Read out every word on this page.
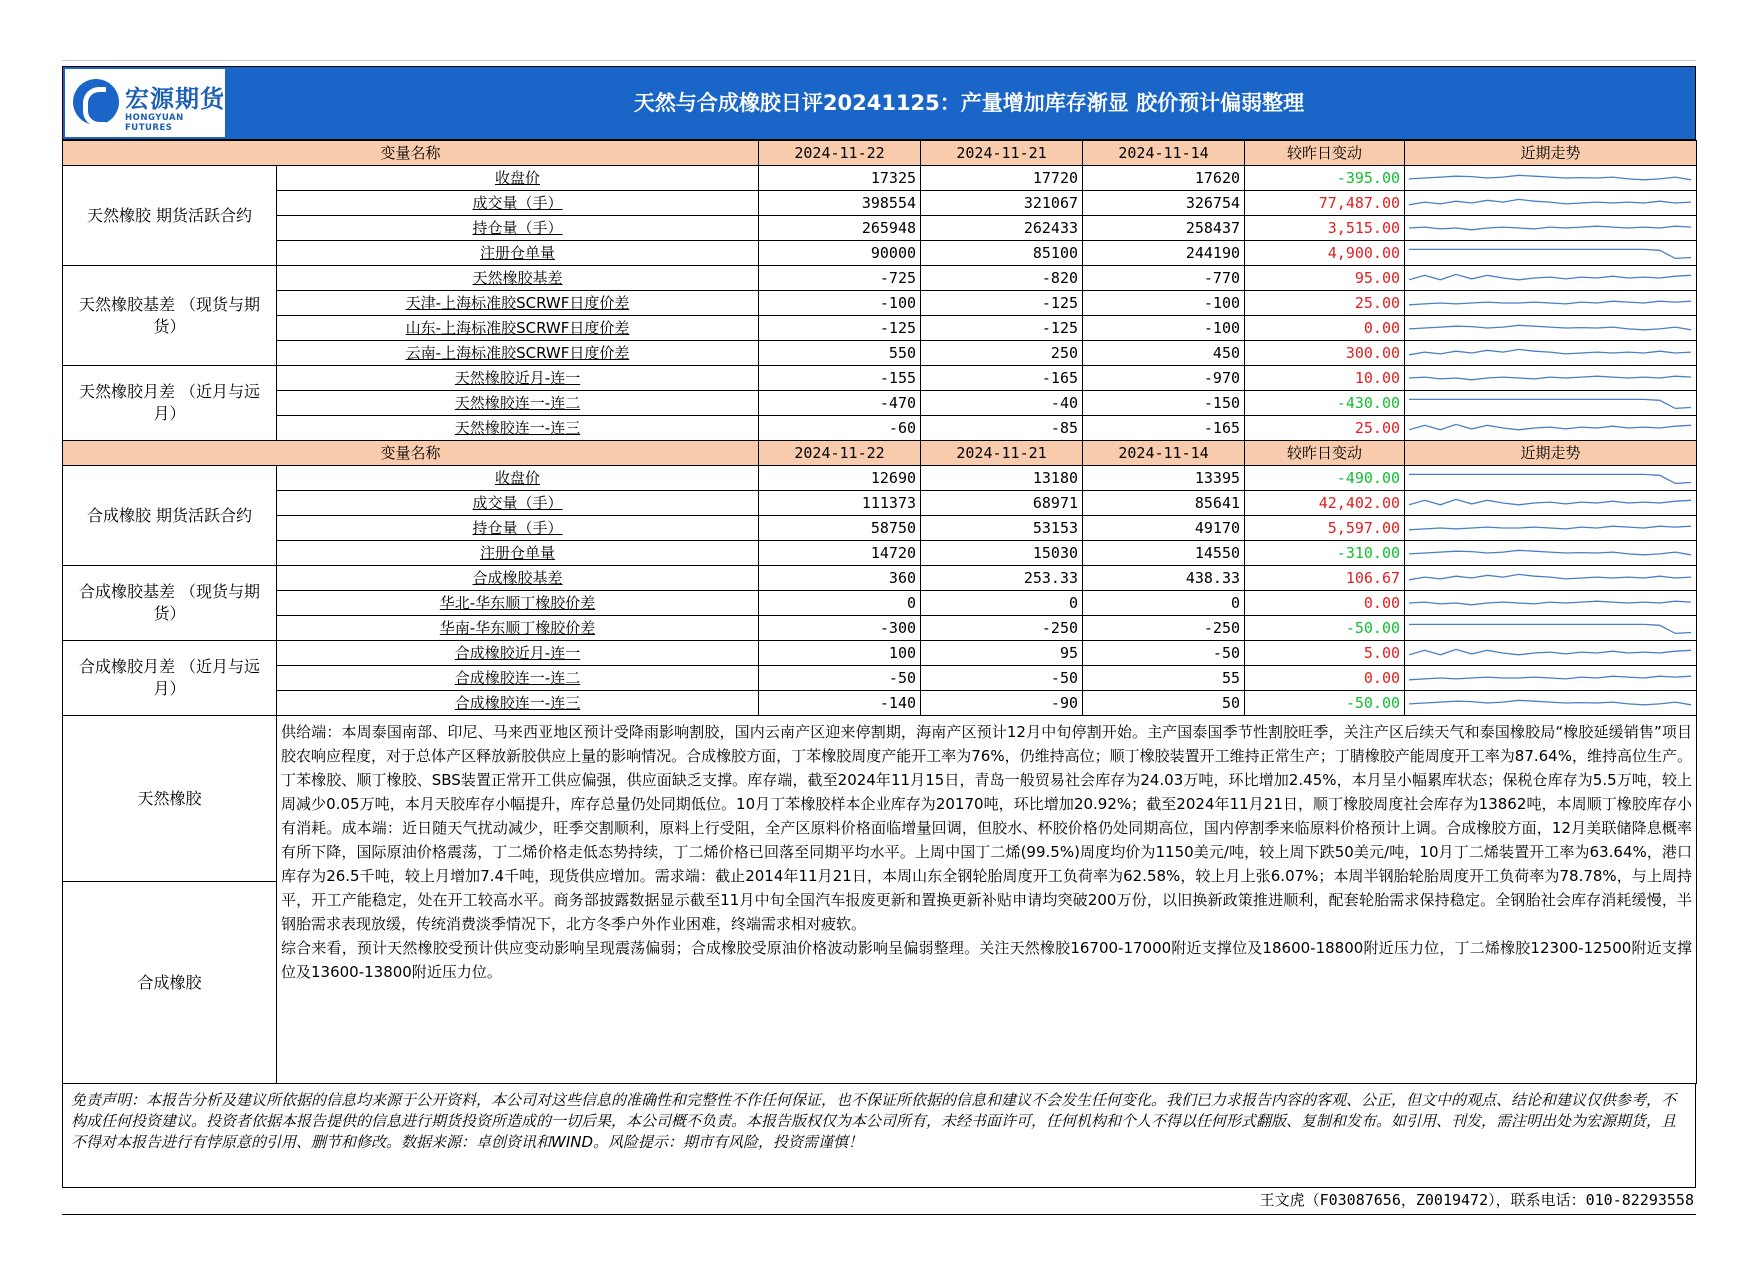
宏源期货
HONGYUAN FUTURES
天然与合成橡胶日评20241125：产量增加库存渐显 胶价预计偏弱整理
变量名称		2024-11-22	2024-11-21	2024-11-14	较昨日变动	近期走势
天然橡胶 期货活跃合约	收盘价	17325	17720	17620	-395.00	

	成交量（手）	398554	321067	326754	77,487.00	

	持仓量（手）	265948	262433	258437	3,515.00	

	注册仓单量	90000	85100	244190	4,900.00	

天然橡胶基差 （现货与期货）	天然橡胶基差	-725	-820	-770	95.00	

	天津-上海标准胶SCRWF日度价差	-100	-125	-100	25.00	

	山东-上海标准胶SCRWF日度价差	-125	-125	-100	0.00	

	云南-上海标准胶SCRWF日度价差	550	250	450	300.00	

天然橡胶月差 （近月与远月）	天然橡胶近月-连一	-155	-165	-970	10.00	

	天然橡胶连一-连二	-470	-40	-150	-430.00	

	天然橡胶连一-连三	-60	-85	-165	25.00	

变量名称		2024-11-22	2024-11-21	2024-11-14	较昨日变动	近期走势
合成橡胶 期货活跃合约	收盘价	12690	13180	13395	-490.00	

	成交量（手）	111373	68971	85641	42,402.00	

	持仓量（手）	58750	53153	49170	5,597.00	

	注册仓单量	14720	15030	14550	-310.00	

合成橡胶基差 （现货与期货）	合成橡胶基差	360	253.33	438.33	106.67	

	华北-华东顺丁橡胶价差	0	0	0	0.00	

	华南-华东顺丁橡胶价差	-300	-250	-250	-50.00	

合成橡胶月差 （近月与远月）	合成橡胶近月-连一	100	95	-50	5.00	

	合成橡胶连一-连二	-50	-50	55	0.00	

	合成橡胶连一-连三	-140	-90	50	-50.00	

天然橡胶	供给端：本周泰国南部、印尼、马来西亚地区预计受降雨影响割胶，国内云南产区迎来停割期，海南产区预计12月中旬停割开始。主产国泰国季节性割胶旺季，关注产区后续天气和泰国橡胶局“橡胶延缓销售”项目胶农响应程度，对于总体产区释放新胶供应上量的影响情况。合成橡胶方面，丁苯橡胶周度产能开工率为76%，仍维持高位；顺丁橡胶装置开工维持正常生产；丁腈橡胶产能周度开工率为87.64%，维持高位生产。丁苯橡胶、顺丁橡胶、SBS装置正常开工供应偏强，供应面缺乏支撑。库存端，截至2024年11月15日，青岛一般贸易社会库存为24.03万吨，环比增加2.45%，本月呈小幅累库状态；保税仓库存为5.5万吨，较上周减少0.05万吨，本月天胶库存小幅提升，库存总量仍处同期低位。10月丁苯橡胶样本企业库存为20170吨，环比增加20.92%；截至2024年11月21日，顺丁橡胶周度社会库存为13862吨，本周顺丁橡胶库存小有消耗。成本端：近日随天气扰动减少，旺季交割顺利，原料上行受阻，全产区原料价格面临增量回调，但胶水、杯胶价格仍处同期高位，国内停割季来临原料价格预计上调。合成橡胶方面，12月美联储降息概率有所下降，国际原油价格震荡，丁二烯价格走低态势持续，丁二烯价格已回落至同期平均水平。上周中国丁二烯(99.5%)周度均价为1150美元/吨，较上周下跌50美元/吨，10月丁二烯装置开工率为63.64%，港口库存为26.5千吨，较上月增加7.4千吨，现货供应增加。需求端：截止2014年11月21日，本周山东全钢轮胎周度开工负荷率为62.58%，较上月上张6.07%；本周半钢胎轮胎周度开工负荷率为78.78%，与上周持平，开工产能稳定，处在开工较高水平。商务部披露数据显示截至11月中旬全国汽车报废更新和置换更新补贴申请均突破200万份，以旧换新政策推进顺利，配套轮胎需求保持稳定。全钢胎社会库存消耗缓慢，半钢胎需求表现放缓，传统消费淡季情况下，北方冬季户外作业困难，终端需求相对疲软。

综合来看，预计天然橡胶受预计供应变动影响呈现震荡偏弱；合成橡胶受原油价格波动影响呈偏弱整理。关注天然橡胶16700-17000附近支撑位及18600-18800附近压力位，丁二烯橡胶12300-12500附近支撑位及13600-13800附近压力位。					

合成橡胶						
免责声明：本报告分析及建议所依据的信息均来源于公开资料，本公司对这些信息的准确性和完整性不作任何保证，也不保证所依据的信息和建议不会发生任何变化。我们已力求报告内容的客观、公正，但文中的观点、结论和建议仅供参考，不构成任何投资建议。投资者依据本报告提供的信息进行期货投资所造成的一切后果，本公司概不负责。本报告版权仅为本公司所有，未经书面许可，任何机构和个人不得以任何形式翻版、复制和发布。如引用、刊发，需注明出处为宏源期货，且不得对本报告进行有悖原意的引用、删节和修改。数据来源：卓创资讯和WIND。风险提示：期市有风险，投资需谨慎！
王文虎（F03087656，Z0019472），联系电话：010-82293558
